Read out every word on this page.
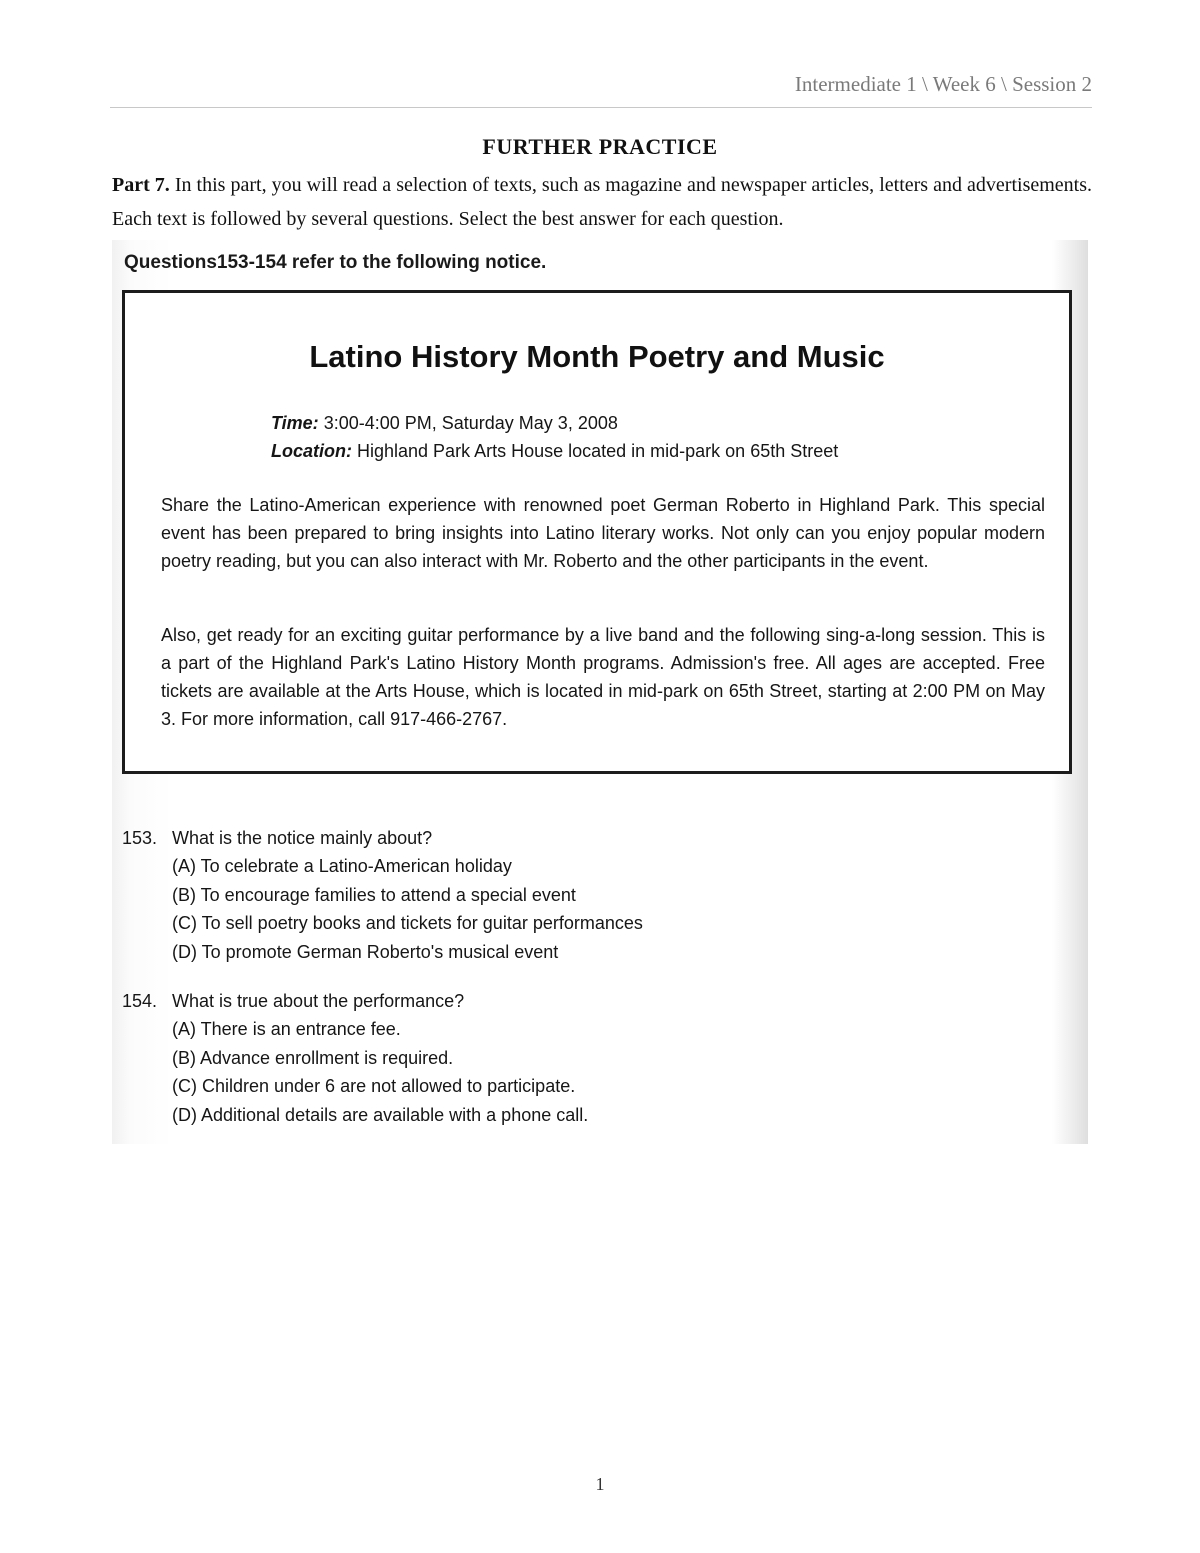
Intermediate 1 \ Week 6 \ Session 2
FURTHER PRACTICE
Part 7. In this part, you will read a selection of texts, such as magazine and newspaper articles, letters and advertisements. Each text is followed by several questions. Select the best answer for each question.
Questions153-154 refer to the following notice.
Latino History Month Poetry and Music
Time: 3:00-4:00 PM, Saturday May 3, 2008
Location: Highland Park Arts House located in mid-park on 65th Street
Share the Latino-American experience with renowned poet German Roberto in Highland Park. This special event has been prepared to bring insights into Latino literary works. Not only can you enjoy popular modern poetry reading, but you can also interact with Mr. Roberto and the other participants in the event.
Also, get ready for an exciting guitar performance by a live band and the following sing-a-long session. This is a part of the Highland Park's Latino History Month programs. Admission's free. All ages are accepted. Free tickets are available at the Arts House, which is located in mid-park on 65th Street, starting at 2:00 PM on May 3. For more information, call 917-466-2767.
153. What is the notice mainly about?
(A) To celebrate a Latino-American holiday
(B) To encourage families to attend a special event
(C) To sell poetry books and tickets for guitar performances
(D) To promote German Roberto's musical event
154. What is true about the performance?
(A) There is an entrance fee.
(B) Advance enrollment is required.
(C) Children under 6 are not allowed to participate.
(D) Additional details are available with a phone call.
1
